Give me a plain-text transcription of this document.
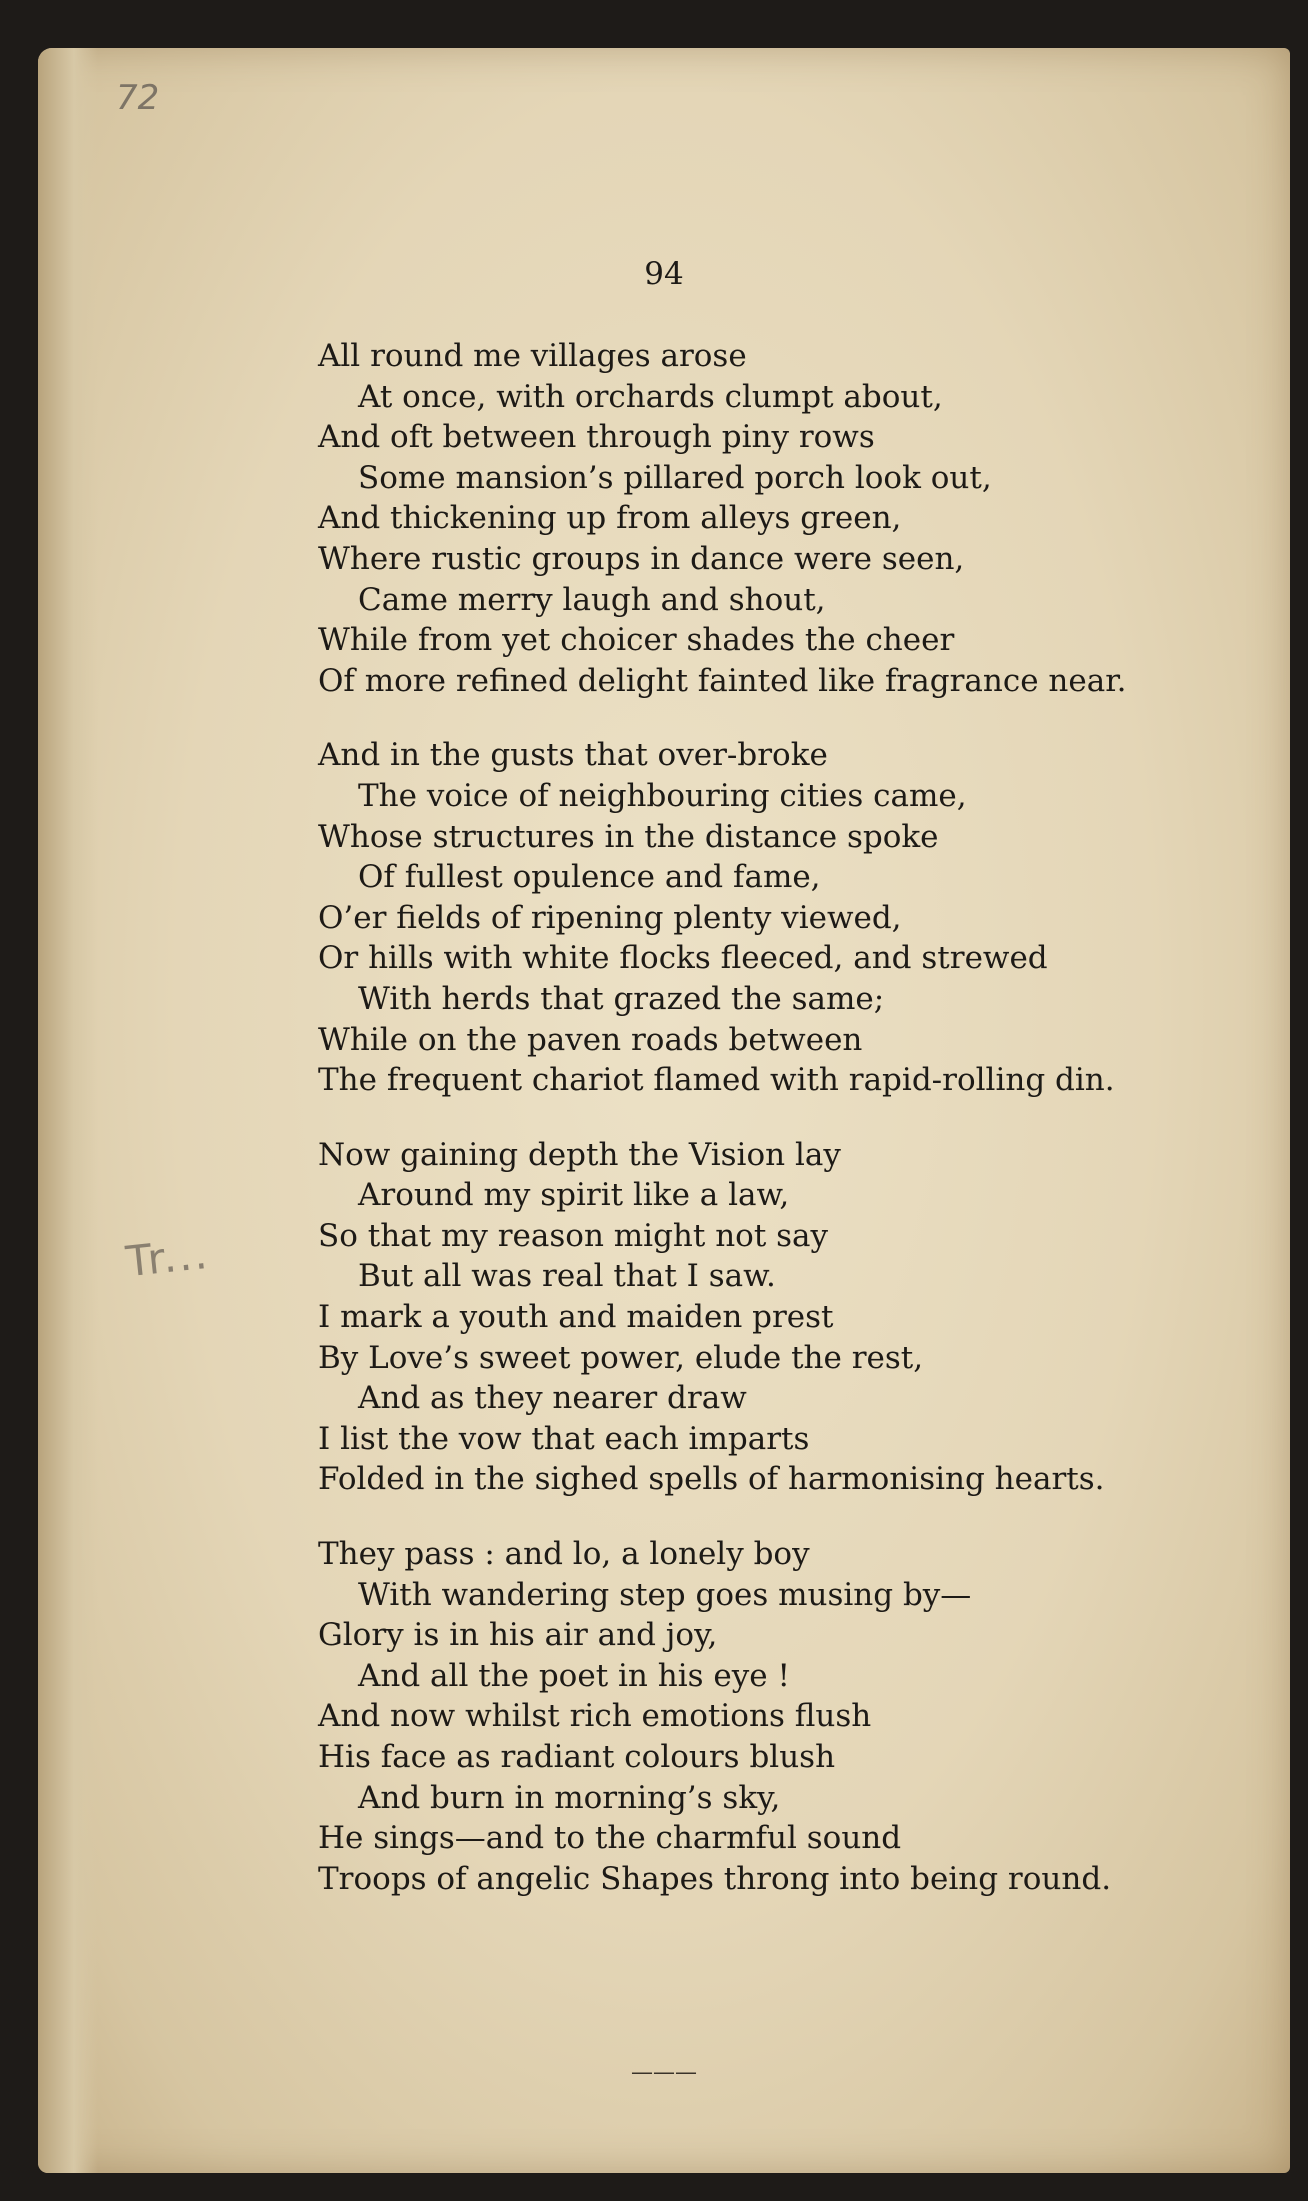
72
Tr...
94
All round me villages arose
At once, with orchards clumpt about,
And oft between through piny rows
Some mansion’s pillared porch look out,
And thickening up from alleys green,
Where rustic groups in dance were seen,
Came merry laugh and shout,
While from yet choicer shades the cheer
Of more refined delight fainted like fragrance near.
And in the gusts that over-broke
The voice of neighbouring cities came,
Whose structures in the distance spoke
Of fullest opulence and fame,
O’er fields of ripening plenty viewed,
Or hills with white flocks fleeced, and strewed
With herds that grazed the same;
While on the paven roads between
The frequent chariot flamed with rapid-rolling din.
Now gaining depth the Vision lay
Around my spirit like a law,
So that my reason might not say
But all was real that I saw.
I mark a youth and maiden prest
By Love’s sweet power, elude the rest,
And as they nearer draw
I list the vow that each imparts
Folded in the sighed spells of harmonising hearts.
They pass : and lo, a lonely boy
With wandering step goes musing by—
Glory is in his air and joy,
And all the poet in his eye !
And now whilst rich emotions flush
His face as radiant colours blush
And burn in morning’s sky,
He sings—and to the charmful sound
Troops of angelic Shapes throng into being round.
———
